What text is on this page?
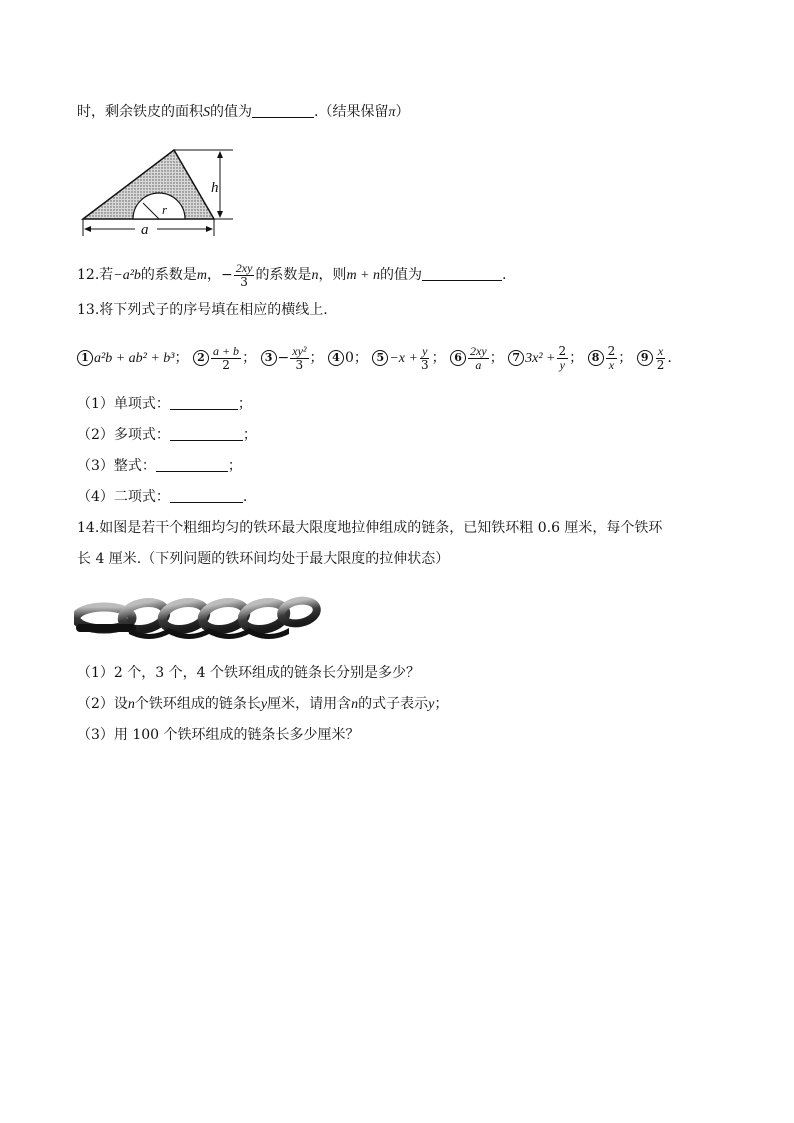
时，剩余铁皮的面积S的值为	.（结果保留π）
h
r
a
12.若−a²b的系数是m，− $\frac{2xy}{3}$ 的系数是n，则m + n的值为	.
13.将下列式子的序号填在相应的横线上.
1 a²b + ab² + b³； $2 \frac{a + b}{2}$ ； $3 - \frac{\text{xy²}}{3}$ ； 4 0； $5 -x + \frac{y}{3}$ ； $6 \frac{2xy}{a}$ ； 7 $3x^2 + \frac{2}{y}$ ； $8 \frac{2}{x}$ ； $9 \frac{x}{2}$ .
（1）单项式：	；
（2）多项式：	；
（3）整式：	；
（4）二项式：	.
14.如图是若干个粗细均匀的铁环最大限度地拉伸组成的链条，已知铁环粗 0.6 厘米，每个铁环
长 4 厘米.（下列问题的铁环间均处于最大限度的拉伸状态）
（1）2 个，3 个，4 个铁环组成的链条长分别是多少？
（2）设n个铁环组成的链条长y厘米，请用含n的式子表示y；
（3）用 100 个铁环组成的链条长多少厘米？
